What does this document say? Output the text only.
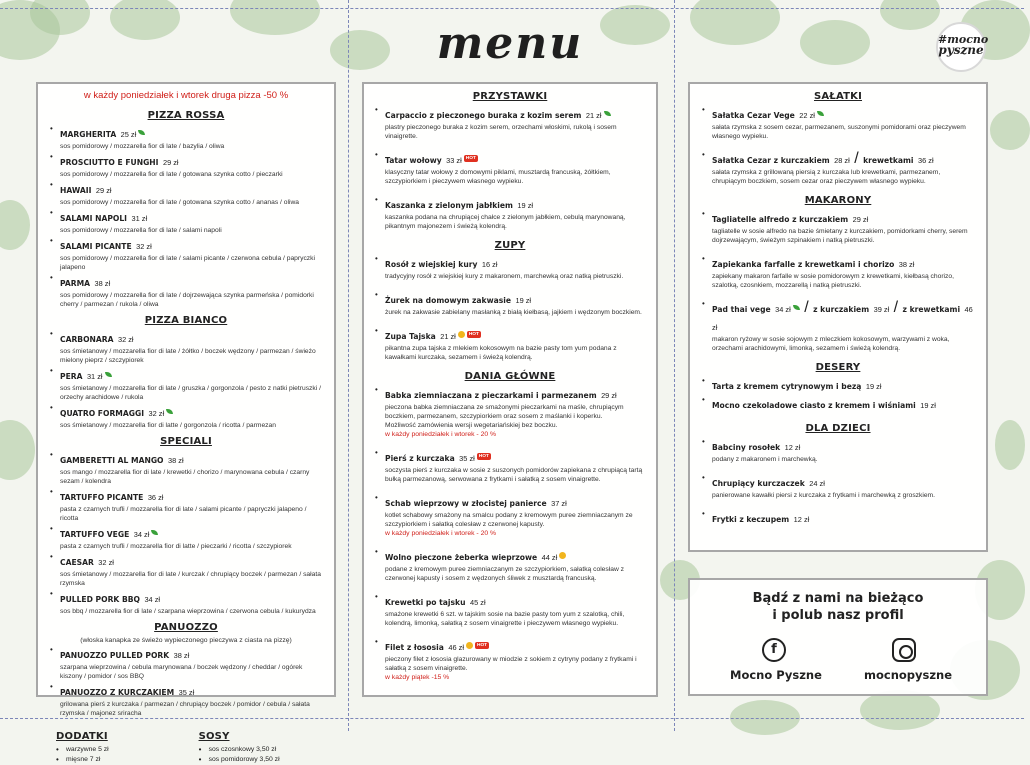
menu	#mocno
pyszne
w każdy poniedziałek i wtorek druga pizza -50 %
PIZZA ROSSA
• MARGHERITA 25 zł
sos pomidorowy / mozzarella fior di late / bazylia / oliwa
• PROSCIUTTO E FUNGHI 29 zł
sos pomidorowy / mozzarella fior di late / gotowana szynka cotto / pieczarki
• HAWAII 29 zł
sos pomidorowy / mozzarella fior di late / gotowana szynka cotto / ananas / oliwa
• SALAMI NAPOLI 31 zł
sos pomidorowy / mozzarella fior di late / salami napoli
• SALAMI PICANTE 32 zł
sos pomidorowy / mozzarella fior di late / salami picante / czerwona cebula / papryczki jalapeno
• PARMA 38 zł
sos pomidorowy / mozzarella fior di late / dojrzewająca szynka parmeńska / pomidorki cherry / parmezan / rukola / oliwa
PIZZA BIANCO
• CARBONARA 32 zł
sos śmietanowy / mozzarella fior di late / żółtko / boczek wędzony / parmezan / świeżo mielony pieprz / szczypiorek
• PERA 31 zł
sos śmietanowy / mozzarella fior di late / gruszka / gorgonzola / pesto z natki pietruszki / orzechy arachidowe / rukola
• QUATRO FORMAGGI 32 zł
sos śmietanowy / mozzarella fior di latte / gorgonzola / ricotta / parmezan
SPECIALI
• GAMBERETTI AL MANGO 38 zł
sos mango / mozzarella fior di late / krewetki / chorizo / marynowana cebula / czarny sezam / kolendra
• TARTUFFO PICANTE 36 zł
pasta z czarnych trufli / mozzarella fior di late / salami picante / papryczki jalapeno / ricotta
• TARTUFFO VEGE 34 zł
pasta z czarnych trufli / mozzarella fior di latte / pieczarki / ricotta / szczypiorek
• CAESAR 32 zł
sos śmietanowy / mozzarella fior di late / kurczak / chrupiący boczek / parmezan / sałata rzymska
• PULLED PORK BBQ 34 zł
sos bbq / mozzarella fior di late / szarpana wieprzowina / czerwona cebula / kukurydza
PANUOZZO
(włoska kanapka ze świeżo wypieczonego pieczywa z ciasta na pizzę)
• PANUOZZO PULLED PORK 38 zł
szarpana wieprzowina / cebula marynowana / boczek wędzony / cheddar / ogórek kiszony / pomidor / sos BBQ
• PANUOZZO Z KURCZAKIEM 35 zł
grilowana pierś z kurczaka / parmezan / chrupiący boczek / pomidor / cebula / sałata rzymska / majonez sriracha
DODATKI
• warzywne 5 zł
• mięsne 7 zł
SOSY
• sos czosnkowy 3,50 zł
• sos pomidorowy 3,50 zł
PRZYSTAWKI
• Carpaccio z pieczonego buraka z kozim serem 21 zł
plastry pieczonego buraka z kozim serem, orzechami włoskimi, rukolą i sosem vinaigrette.
• Tatar wołowy 33 zł HOT
klasyczny tatar wołowy z domowymi piklami, musztardą francuską, żółtkiem, szczypiorkiem i pieczywem własnego wypieku.
• Kaszanka z zielonym jabłkiem 19 zł
kaszanka podana na chrupiącej chałce z zielonym jabłkiem, cebulą marynowaną, pikantnym majonezem i świeżą kolendrą.
ZUPY
• Rosół z wiejskiej kury 16 zł
tradycyjny rosół z wiejskiej kury z makaronem, marchewką oraz natką pietruszki.
• Żurek na domowym zakwasie 19 zł
żurek na zakwasie zabielany masłanką z białą kiełbasą, jajkiem i wędzonym boczkiem.
• Zupa Tajska 21 zł	HOT
pikantna zupa tajska z mlekiem kokosowym na bazie pasty tom yum podana z kawałkami kurczaka, sezamem i świeżą kolendrą.
DANIA GŁÓWNE
• Babka ziemniaczana z pieczarkami i parmezanem 29 zł
pieczona babka ziemniaczana ze smażonymi pieczarkami na maśle, chrupiącym boczkiem, parmezanem, szczypiorkiem oraz sosem z maślanki i koperku.
Możliwość zamówienia wersji wegetariańskiej bez boczku.
w każdy poniedziałek i wtorek - 20 %
• Pierś z kurczaka 35 zł HOT
soczysta pierś z kurczaka w sosie z suszonych pomidorów zapiekana z chrupiącą tartą bułką parmezanową, serwowana z frytkami i sałatką z sosem vinaigrette.
• Schab wieprzowy w złocistej panierce 37 zł
kotlet schabowy smażony na smalcu podany z kremowym puree ziemniaczanym ze szczypiorkiem i sałatką colesław z czerwonej kapusty.
w każdy poniedziałek i wtorek - 20 %
• Wolno pieczone żeberka wieprzowe 44 zł
podane z kremowym puree ziemniaczanym ze szczypiorkiem, sałatką colesław z czerwonej kapusty i sosem z wędzonych śliwek z musztardą francuską.
• Krewetki po tajsku 45 zł
smażone krewetki 6 szt. w tajskim sosie na bazie pasty tom yum z szalotką, chili, kolendrą, limonką, sałatką z sosem vinaigrette i pieczywem własnego wypieku.
• Filet z łososia 46 zł	HOT
pieczony filet z łososia glazurowany w miodzie z sokiem z cytryny podany z frytkami i sałatką z sosem vinaigrette.
w każdy piątek -15 %
SAŁATKI
• Sałatka Cezar Vege 22 zł
sałata rzymska z sosem cezar, parmezanem, suszonymi pomidorami oraz pieczywem własnego wypieku.
• Sałatka Cezar z kurczakiem 28 zł / krewetkami 36 zł
sałata rzymska z grillowaną piersią z kurczaka lub krewetkami, parmezanem, chrupiącym boczkiem, sosem cezar oraz pieczywem własnego wypieku.
MAKARONY
• Tagliatelle alfredo z kurczakiem 29 zł
tagliatelle w sosie alfredo na bazie śmietany z kurczakiem, pomidorkami cherry, serem dojrzewającym, świeżym szpinakiem i natką pietruszki.
• Zapiekanka farfalle z krewetkami i chorizo 38 zł
zapiekany makaron farfalle w sosie pomidorowym z krewetkami, kiełbasą chorizo, szalotką, czosnkiem, mozzarellą i natką pietruszki.
• Pad thai vege 34 zł / z kurczakiem 39 zł / z krewetkami 46 zł
makaron ryżowy w sosie sojowym z mleczkiem kokosowym, warzywami z woka, orzechami arachidowymi, limonką, sezamem i świeżą kolendrą.
DESERY
• Tarta z kremem cytrynowym i bezą 19 zł
• Mocno czekoladowe ciasto z kremem i wiśniami 19 zł
DLA DZIECI
• Babciny rosołek 12 zł
podany z makaronem i marchewką.
• Chrupiący kurczaczek 24 zł
panierowane kawałki piersi z kurczaka z frytkami i marchewką z groszkiem.
• Frytki z keczupem 12 zł
Bądź z nami na bieżąco
i polub nasz profil
f
Mocno Pyszne	mocnopyszne
